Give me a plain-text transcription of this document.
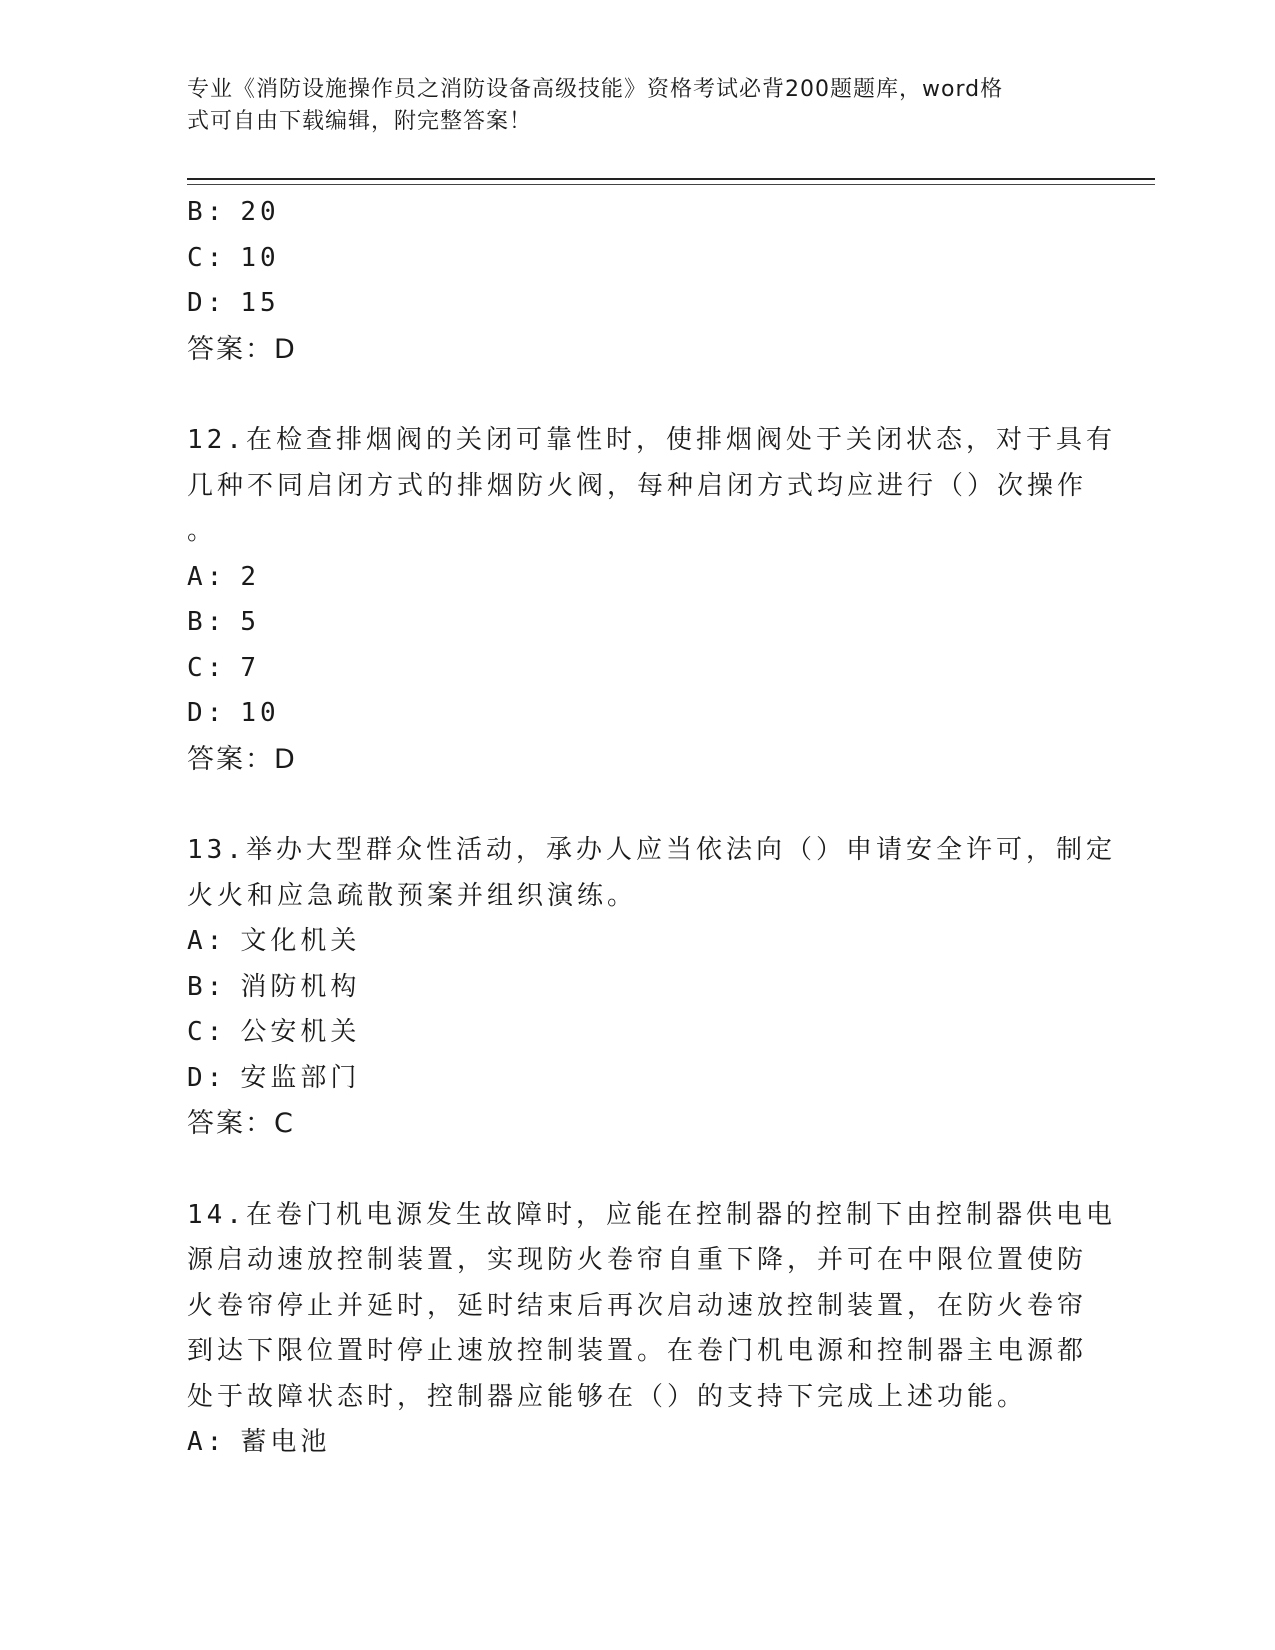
专业《消防设施操作员之消防设备高级技能》资格考试必背200题题库，word格
式可自由下载编辑，附完整答案！
B: 20
C: 10
D: 15
答案：D
12.在检查排烟阀的关闭可靠性时，使排烟阀处于关闭状态，对于具有
几种不同启闭方式的排烟防火阀，每种启闭方式均应进行（）次操作
。
A: 2
B: 5
C: 7
D: 10
答案：D
13.举办大型群众性活动，承办人应当依法向（）申请安全许可，制定
火火和应急疏散预案并组织演练。
A: 文化机关
B: 消防机构
C: 公安机关
D: 安监部门
答案：C
14.在卷门机电源发生故障时，应能在控制器的控制下由控制器供电电
源启动速放控制装置，实现防火卷帘自重下降，并可在中限位置使防
火卷帘停止并延时，延时结束后再次启动速放控制装置，在防火卷帘
到达下限位置时停止速放控制装置。在卷门机电源和控制器主电源都
处于故障状态时，控制器应能够在（）的支持下完成上述功能。
A: 蓄电池
